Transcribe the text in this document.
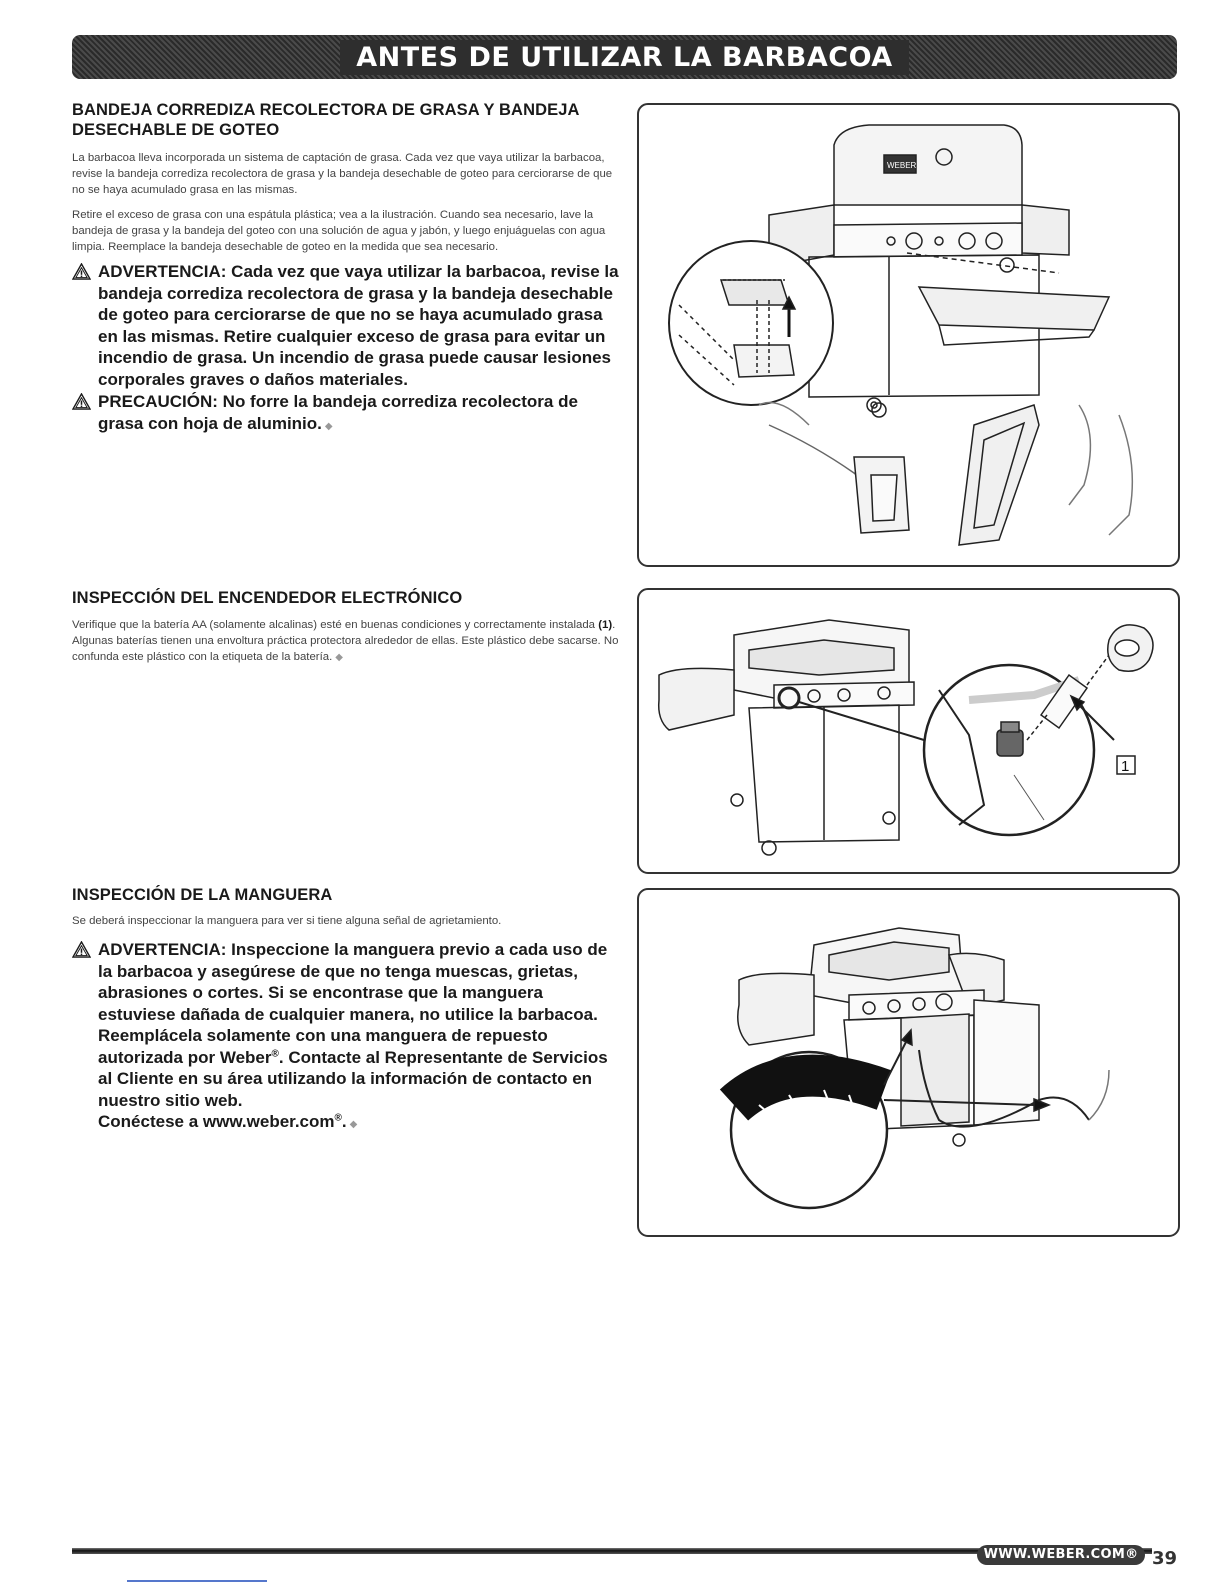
ANTES DE UTILIZAR LA BARBACOA
BANDEJA CORREDIZA RECOLECTORA DE GRASA Y BANDEJA DESECHABLE DE GOTEO

La barbacoa lleva incorporada un sistema de captación de grasa. Cada vez que vaya utilizar la barbacoa, revise la bandeja corrediza recolectora de grasa y la bandeja desechable de goteo para cerciorarse de que no se haya acumulado grasa en las mismas.

Retire el exceso de grasa con una espátula plástica; vea a la ilustración. Cuando sea necesario, lave la bandeja de grasa y la bandeja del goteo con una solución de agua y jabón, y luego enjuáguelas con agua limpia. Reemplace la bandeja desechable de goteo en la medida que sea necesario.

ADVERTENCIA: Cada vez que vaya utilizar la barbacoa, revise la bandeja corrediza recolectora de grasa y la bandeja desechable de goteo para cerciorarse de que no se haya acumulado grasa en las mismas. Retire cualquier exceso de grasa para evitar un incendio de grasa. Un incendio de grasa puede causar lesiones corporales graves o daños materiales.
PRECAUCIÓN: No forre la bandeja corrediza recolectora de grasa con hoja de aluminio. ◆
INSPECCIÓN DEL ENCENDEDOR ELECTRÓNICO

Verifique que la batería AA (solamente alcalinas) esté en buenas condiciones y correctamente instalada (1). Algunas baterías tienen una envoltura práctica protectora alrededor de ellas. Este plástico debe sacarse. No confunda este plástico con la etiqueta de la batería. ◆

INSPECCIÓN DE LA MANGUERA

Se deberá inspeccionar la manguera para ver si tiene alguna señal de agrietamiento.

ADVERTENCIA: Inspeccione la manguera previo a cada uso de la barbacoa y asegúrese de que no tenga muescas, grietas, abrasiones o cortes. Si se encontrase que la manguera estuviese dañada de cualquier manera, no utilice la barbacoa. Reemplácela solamente con una manguera de repuesto autorizada por Weber®. Contacte al Representante de Servicios al Cliente en su área utilizando la información de contacto en nuestro sitio web.
Conéctese a www.weber.com®. ◆
WEBER
1
WWW.WEBER.COM® 39
